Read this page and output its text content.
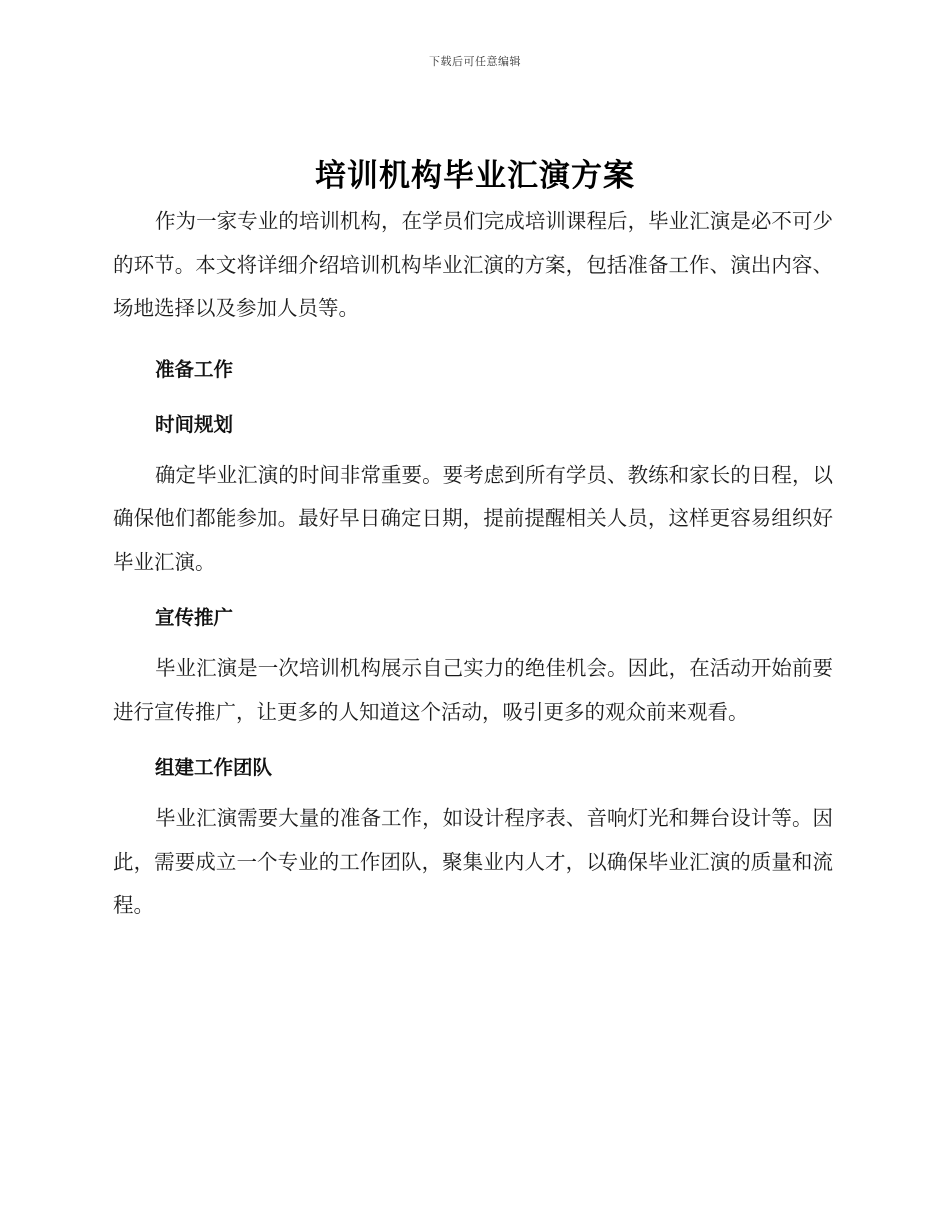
下载后可任意编辑
培训机构毕业汇演方案

作为一家专业的培训机构，在学员们完成培训课程后，毕业汇演是必不可少的环节。本文将详细介绍培训机构毕业汇演的方案，包括准备工作、演出内容、场地选择以及参加人员等。

准备工作
时间规划

确定毕业汇演的时间非常重要。要考虑到所有学员、教练和家长的日程，以确保他们都能参加。最好早日确定日期，提前提醒相关人员，这样更容易组织好毕业汇演。

宣传推广

毕业汇演是一次培训机构展示自己实力的绝佳机会。因此，在活动开始前要进行宣传推广，让更多的人知道这个活动，吸引更多的观众前来观看。

组建工作团队

毕业汇演需要大量的准备工作，如设计程序表、音响灯光和舞台设计等。因此，需要成立一个专业的工作团队，聚集业内人才，以确保毕业汇演的质量和流程。
